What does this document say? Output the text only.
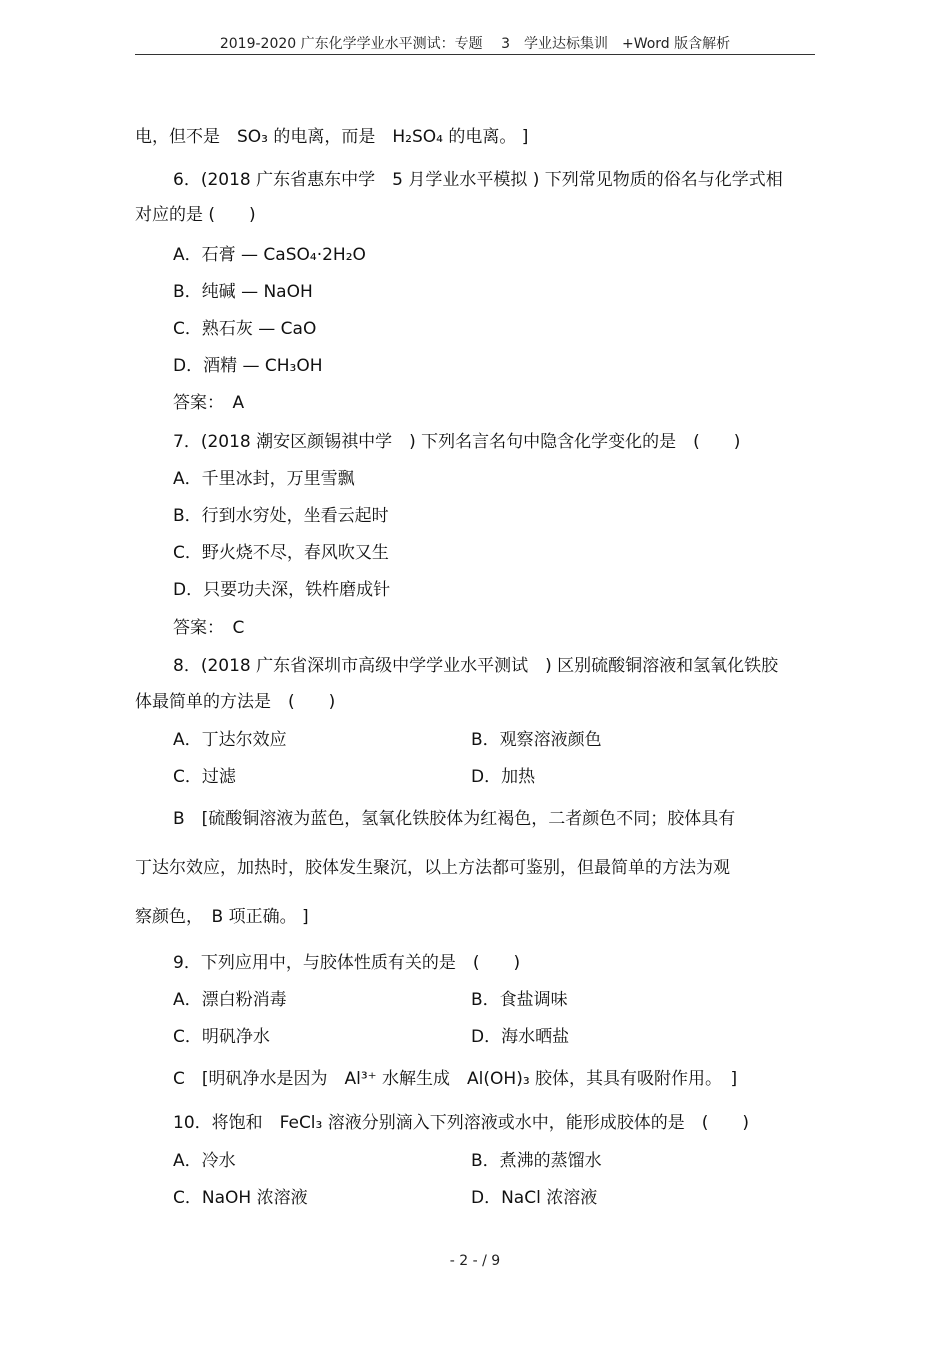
2019-2020 广东化学学业水平测试：专题　 3　学业达标集训　+Word 版含解析
电，但不是　SO₃ 的电离，而是　H₂SO₄ 的电离。 ]
6．(2018 广东省惠东中学　5 月学业水平模拟 ) 下列常见物质的俗名与化学式相
对应的是 (　　)
A．石膏 — CaSO₄·2H₂O
B．纯碱 — NaOH
C．熟石灰 — CaO
D．酒精 — CH₃OH
答案：　A
7．(2018 潮安区颜锡祺中学　) 下列名言名句中隐含化学变化的是　(　　)
A．千里冰封，万里雪飘
B．行到水穷处，坐看云起时
C．野火烧不尽，春风吹又生
D．只要功夫深，铁杵磨成针
答案：　C
8．(2018 广东省深圳市高级中学学业水平测试　) 区别硫酸铜溶液和氢氧化铁胶
体最简单的方法是　(　　)
A．丁达尔效应	B．观察溶液颜色
C．过滤	D．加热
B　[硫酸铜溶液为蓝色，氢氧化铁胶体为红褐色，二者颜色不同；胶体具有
丁达尔效应，加热时，胶体发生聚沉，以上方法都可鉴别，但最简单的方法为观
察颜色，　B 项正确。 ]
9．下列应用中，与胶体性质有关的是　(　　)
A．漂白粉消毒	B．食盐调味
C．明矾净水	D．海水晒盐
C　[明矾净水是因为　Al³⁺ 水解生成　Al(OH)₃ 胶体，其具有吸附作用。　]
10．将饱和　FeCl₃ 溶液分别滴入下列溶液或水中，能形成胶体的是　(　　)
A．冷水	B．煮沸的蒸馏水
C．NaOH 浓溶液	D．NaCl 浓溶液
- 2 - / 9
